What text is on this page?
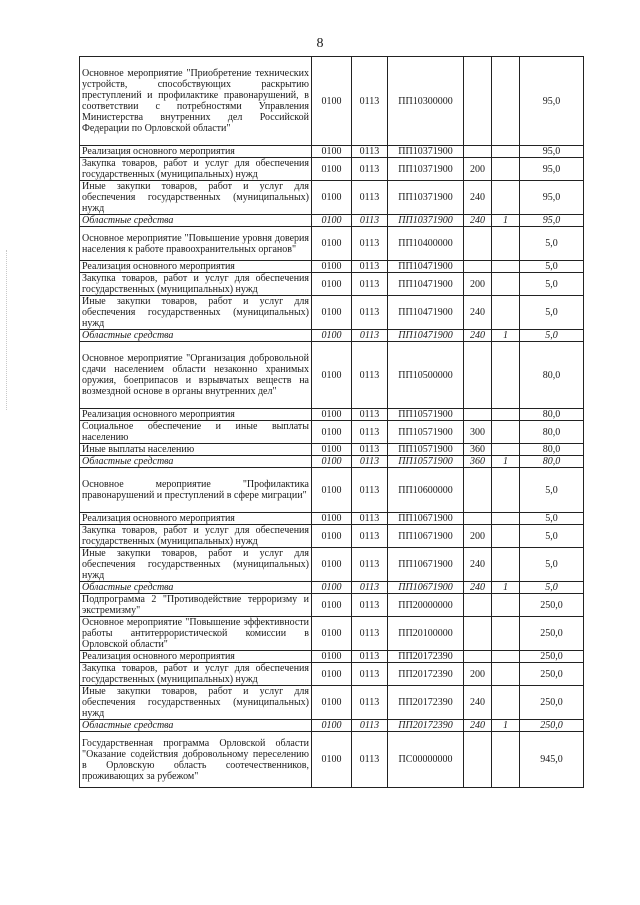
8
Основное мероприятие "Приобретение технических устройств, способствующих раскрытию преступлений и профилактике правонарушений, в соответствии с потребностями Управления Министерства внутренних дел Российской Федерации по Орловской области"	0100	0113	ПП10300000			95,0
Реализация основного мероприятия	0100	0113	ПП10371900			95,0
Закупка товаров, работ и услуг для обеспечения государственных (муниципальных) нужд	0100	0113	ПП10371900	200		95,0
Иные закупки товаров, работ и услуг для обеспечения государственных (муниципальных) нужд	0100	0113	ПП10371900	240		95,0
Областные средства	0100	0113	ПП10371900	240	1	95,0
Основное мероприятие "Повышение уровня доверия населения к работе правоохранительных органов"	0100	0113	ПП10400000			5,0
Реализация основного мероприятия	0100	0113	ПП10471900			5,0
Закупка товаров, работ и услуг для обеспечения государственных (муниципальных) нужд	0100	0113	ПП10471900	200		5,0
Иные закупки товаров, работ и услуг для обеспечения государственных (муниципальных) нужд	0100	0113	ПП10471900	240		5,0
Областные средства	0100	0113	ПП10471900	240	1	5,0
Основное мероприятие "Организация добровольной сдачи населением области незаконно хранимых оружия, боеприпасов и взрывчатых веществ на возмездной основе в органы внутренних дел"	0100	0113	ПП10500000			80,0
Реализация основного мероприятия	0100	0113	ПП10571900			80,0
Социальное обеспечение и иные выплаты населению	0100	0113	ПП10571900	300		80,0
Иные выплаты населению	0100	0113	ПП10571900	360		80,0
Областные средства	0100	0113	ПП10571900	360	1	80,0
Основное мероприятие "Профилактика правонарушений и преступлений в сфере миграции"	0100	0113	ПП10600000			5,0
Реализация основного мероприятия	0100	0113	ПП10671900			5,0
Закупка товаров, работ и услуг для обеспечения государственных (муниципальных) нужд	0100	0113	ПП10671900	200		5,0
Иные закупки товаров, работ и услуг для обеспечения государственных (муниципальных) нужд	0100	0113	ПП10671900	240		5,0
Областные средства	0100	0113	ПП10671900	240	1	5,0
Подпрограмма 2 "Противодействие терроризму и экстремизму"	0100	0113	ПП20000000			250,0
Основное мероприятие "Повышение эффективности работы антитеррористической комиссии в Орловской области"	0100	0113	ПП20100000			250,0
Реализация основного мероприятия	0100	0113	ПП20172390			250,0
Закупка товаров, работ и услуг для обеспечения государственных (муниципальных) нужд	0100	0113	ПП20172390	200		250,0
Иные закупки товаров, работ и услуг для обеспечения государственных (муниципальных) нужд	0100	0113	ПП20172390	240		250,0
Областные средства	0100	0113	ПП20172390	240	1	250,0
Государственная программа Орловской области "Оказание содействия добровольному переселению в Орловскую область соотечественников, проживающих за рубежом"	0100	0113	ПС00000000			945,0
